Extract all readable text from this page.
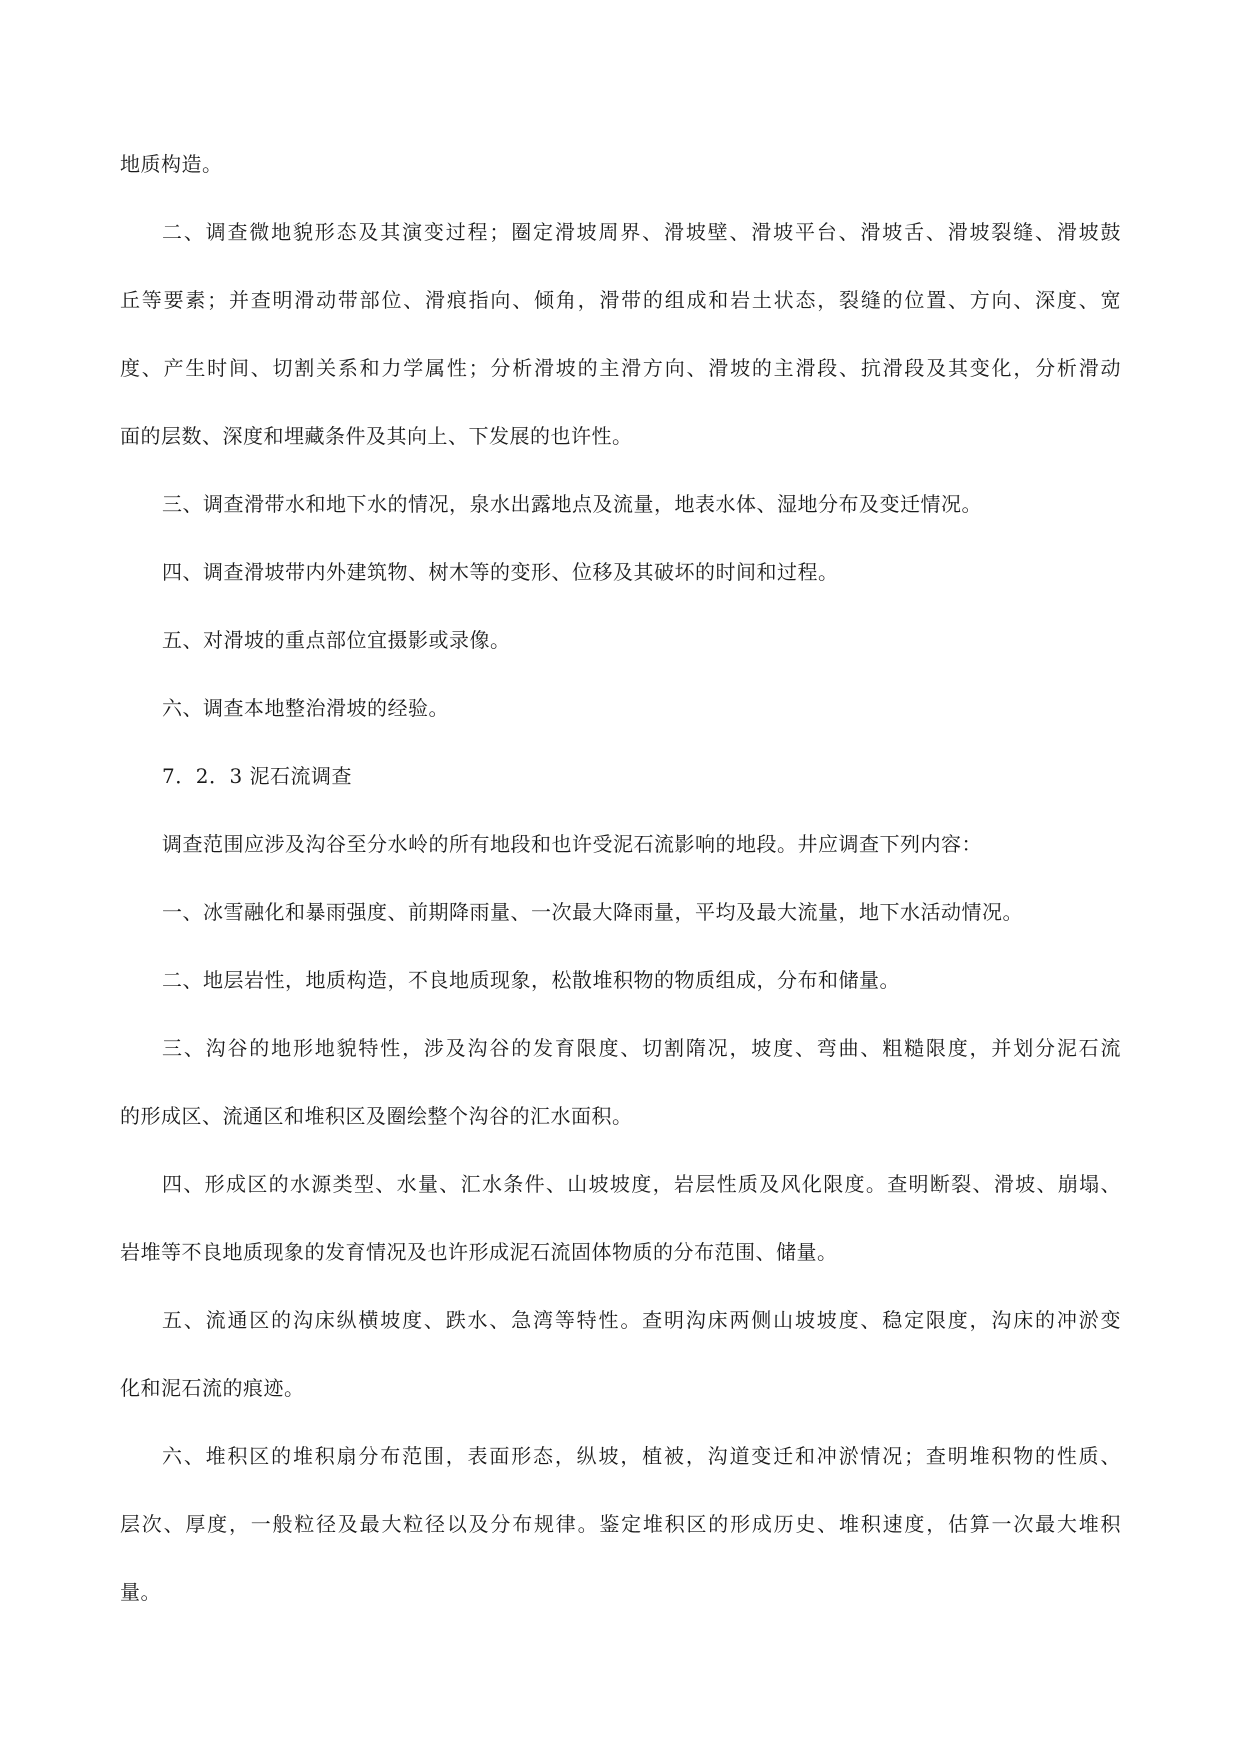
地质构造。
二、调查微地貌形态及其演变过程；圈定滑坡周界、滑坡壁、滑坡平台、滑坡舌、滑坡裂缝、滑坡鼓
丘等要素；并查明滑动带部位、滑痕指向、倾角，滑带的组成和岩土状态，裂缝的位置、方向、深度、宽
度、产生时间、切割关系和力学属性；分析滑坡的主滑方向、滑坡的主滑段、抗滑段及其变化，分析滑动
面的层数、深度和埋藏条件及其向上、下发展的也许性。
三、调查滑带水和地下水的情况，泉水出露地点及流量，地表水体、湿地分布及变迁情况。
四、调查滑坡带内外建筑物、树木等的变形、位移及其破坏的时间和过程。
五、对滑坡的重点部位宜摄影或录像。
六、调查本地整治滑坡的经验。
7．2．3 泥石流调查
调查范围应涉及沟谷至分水岭的所有地段和也许受泥石流影响的地段。井应调查下列内容：
一、冰雪融化和暴雨强度、前期降雨量、一次最大降雨量，平均及最大流量，地下水活动情况。
二、地层岩性，地质构造，不良地质现象，松散堆积物的物质组成，分布和储量。
三、沟谷的地形地貌特性，涉及沟谷的发育限度、切割隋况，坡度、弯曲、粗糙限度，并划分泥石流
的形成区、流通区和堆积区及圈绘整个沟谷的汇水面积。
四、形成区的水源类型、水量、汇水条件、山坡坡度，岩层性质及风化限度。查明断裂、滑坡、崩塌、
岩堆等不良地质现象的发育情况及也许形成泥石流固体物质的分布范围、储量。
五、流通区的沟床纵横坡度、跌水、急湾等特性。查明沟床两侧山坡坡度、稳定限度，沟床的冲淤变
化和泥石流的痕迹。
六、堆积区的堆积扇分布范围，表面形态，纵坡，植被，沟道变迁和冲淤情况；查明堆积物的性质、
层次、厚度，一般粒径及最大粒径以及分布规律。鉴定堆积区的形成历史、堆积速度，估算一次最大堆积
量。
